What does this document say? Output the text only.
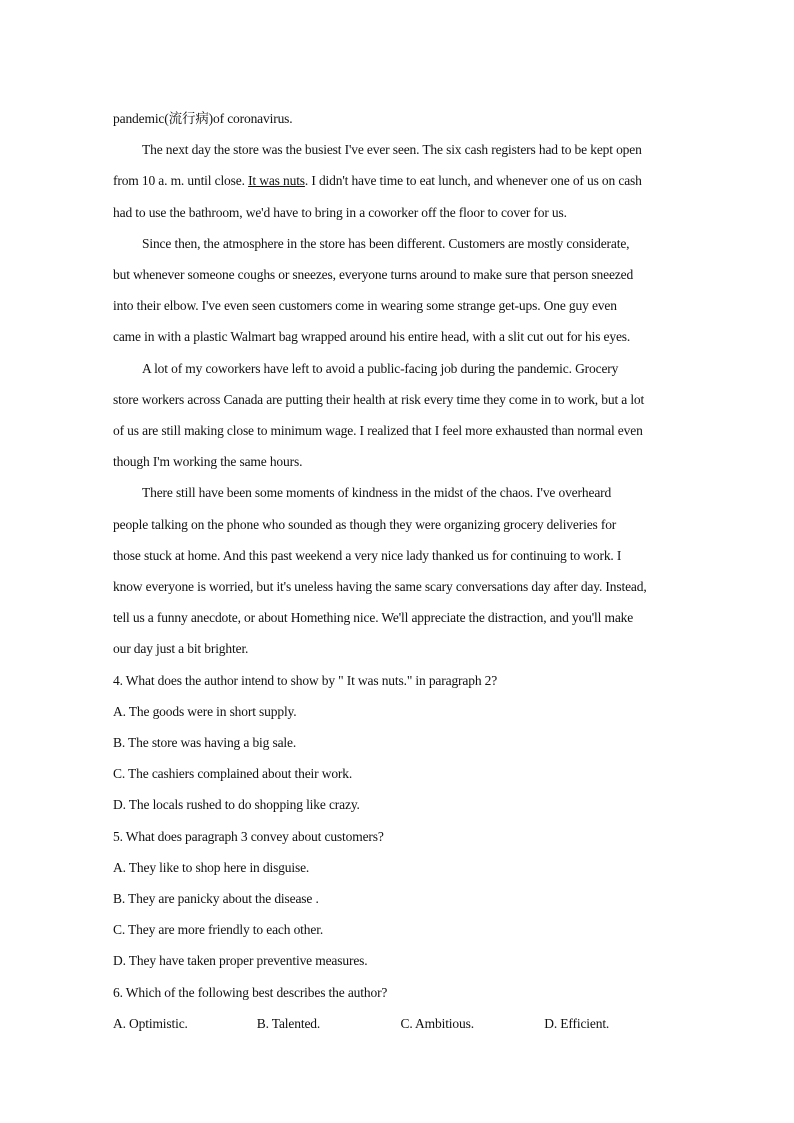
pandemic(流行病)of coronavirus.
The next day the store was the busiest I've ever seen. The six cash registers had to be kept open
from 10 a. m. until close. It was nuts. I didn't have time to eat lunch, and whenever one of us on cash
had to use the bathroom, we'd have to bring in a coworker off the floor to cover for us.
Since then, the atmosphere in the store has been different. Customers are mostly considerate,
but whenever someone coughs or sneezes, everyone turns around to make sure that person sneezed
into their elbow. I've even seen customers come in wearing some strange get-ups. One guy even
came in with a plastic Walmart bag wrapped around his entire head, with a slit cut out for his eyes.
A lot of my coworkers have left to avoid a public-facing job during the pandemic. Grocery
store workers across Canada are putting their health at risk every time they come in to work, but a lot
of us are still making close to minimum wage. I realized that I feel more exhausted than normal even
though I'm working the same hours.
There still have been some moments of kindness in the midst of the chaos. I've overheard
people talking on the phone who sounded as though they were organizing grocery deliveries for
those stuck at home. And this past weekend a very nice lady thanked us for continuing to work. I
know everyone is worried, but it's uneless having the same scary conversations day after day. Instead,
tell us a funny anecdote, or about Homething nice. We'll appreciate the distraction, and you'll make
our day just a bit brighter.
4. What does the author intend to show by " It was nuts." in paragraph 2?
A. The goods were in short supply.
B. The store was having a big sale.
C. The cashiers complained about their work.
D. The locals rushed to do shopping like crazy.
5. What does paragraph 3 convey about customers?
A. They like to shop here in disguise.
B. They are panicky about the disease .
C. They are more friendly to each other.
D. They have taken proper preventive measures.
6. Which of the following best describes the author?
A. Optimistic.	B. Talented.	C. Ambitious.	D. Efficient.
